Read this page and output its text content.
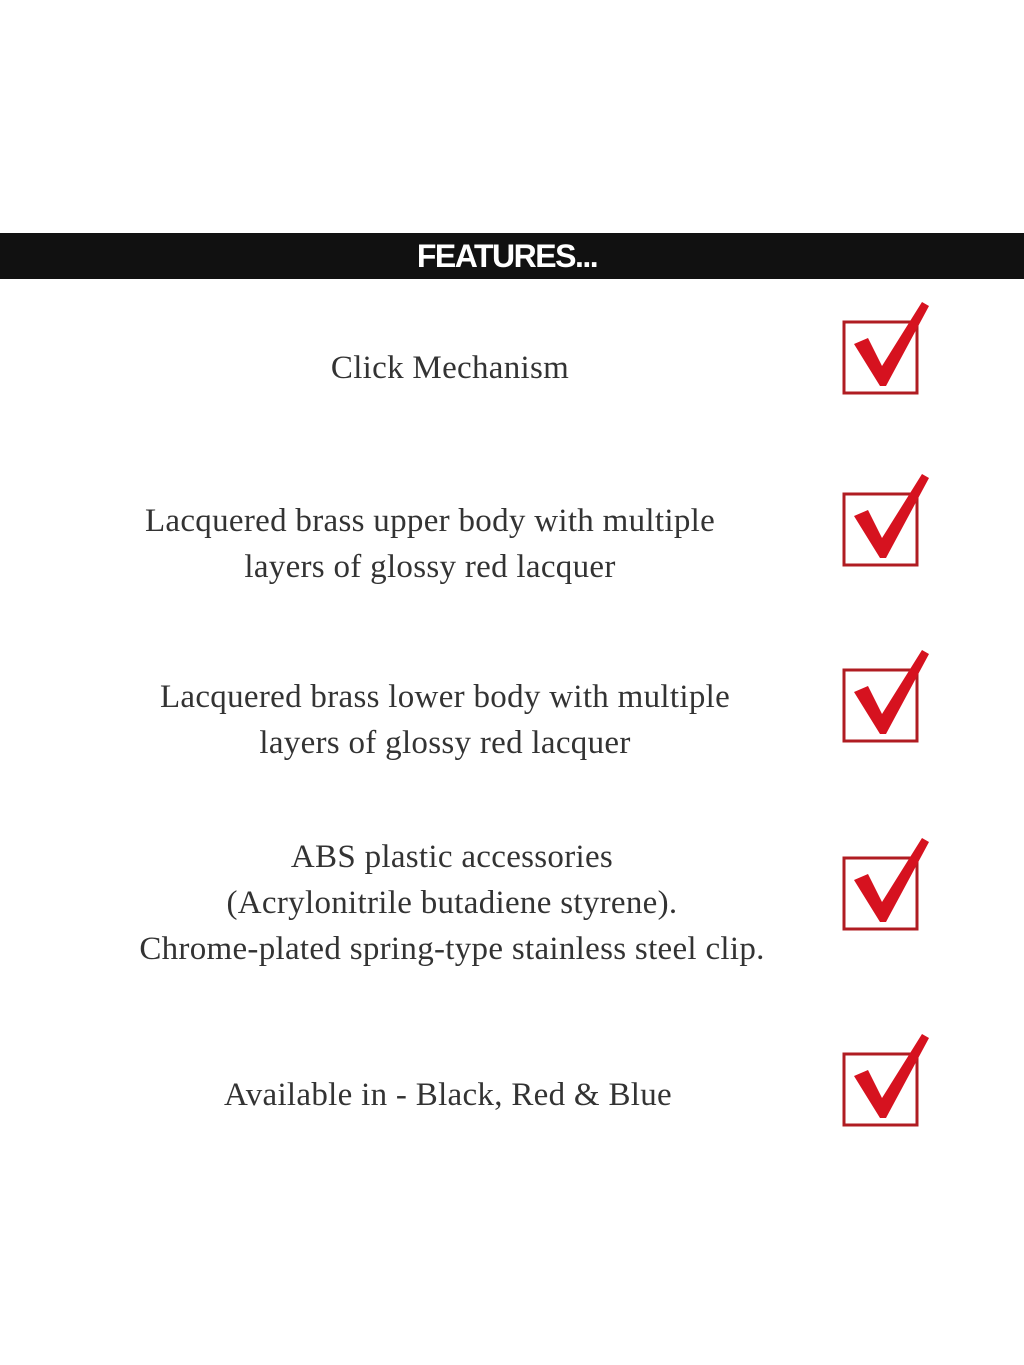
FEATURES...
Click Mechanism
Lacquered brass upper body with multiple
layers of glossy red lacquer
Lacquered brass lower body with multiple
layers of glossy red lacquer
ABS plastic accessories
(Acrylonitrile butadiene styrene).
Chrome-plated spring-type stainless steel clip.
Available in - Black, Red & Blue
